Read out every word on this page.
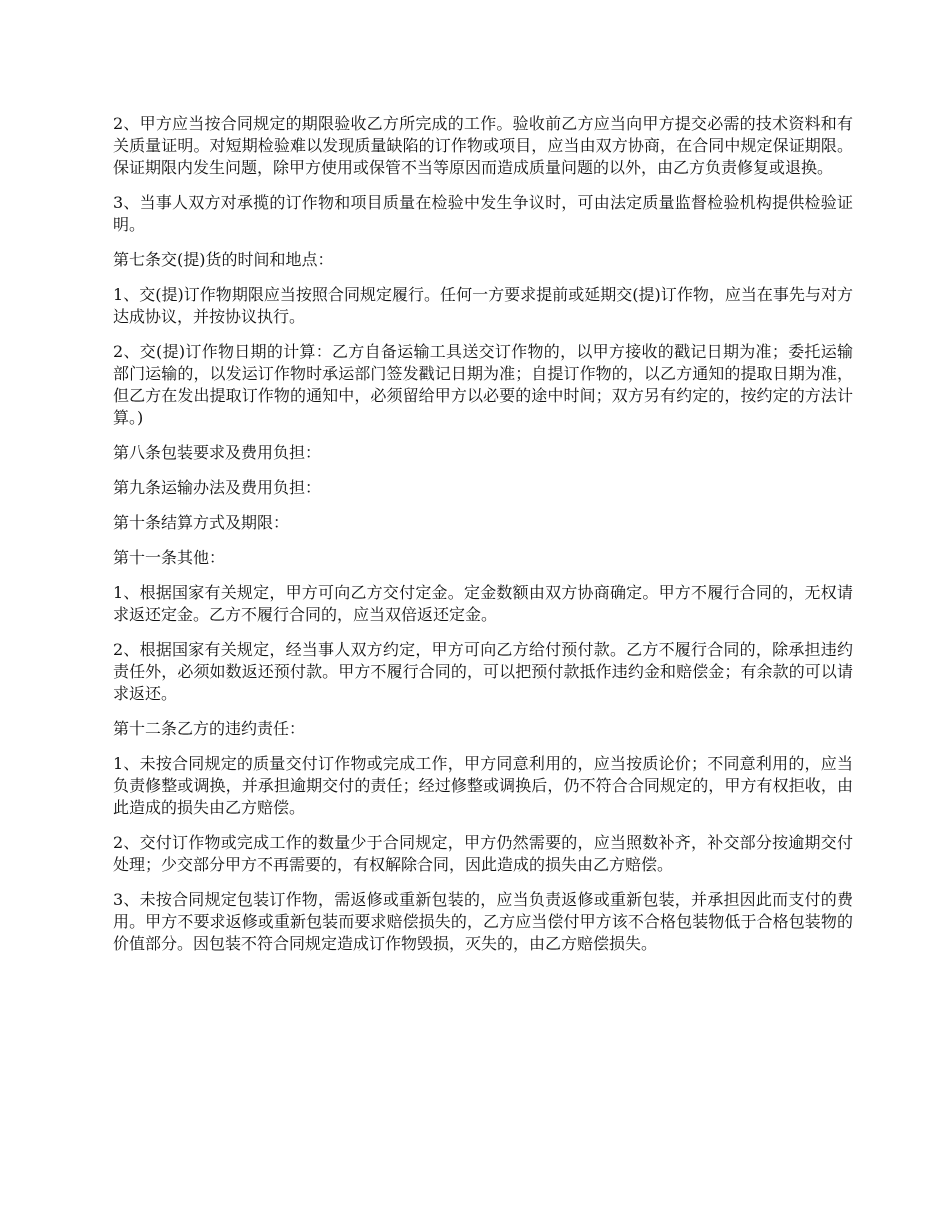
2、甲方应当按合同规定的期限验收乙方所完成的工作。验收前乙方应当向甲方提交必需的技术资料和有关质量证明。对短期检验难以发现质量缺陷的订作物或项目，应当由双方协商，在合同中规定保证期限。保证期限内发生问题，除甲方使用或保管不当等原因而造成质量问题的以外，由乙方负责修复或退换。

3、当事人双方对承揽的订作物和项目质量在检验中发生争议时，可由法定质量监督检验机构提供检验证明。

第七条交(提)货的时间和地点：

1、交(提)订作物期限应当按照合同规定履行。任何一方要求提前或延期交(提)订作物，应当在事先与对方达成协议，并按协议执行。

2、交(提)订作物日期的计算：乙方自备运输工具送交订作物的，以甲方接收的戳记日期为准；委托运输部门运输的，以发运订作物时承运部门签发戳记日期为准；自提订作物的，以乙方通知的提取日期为准，但乙方在发出提取订作物的通知中，必须留给甲方以必要的途中时间；双方另有约定的，按约定的方法计算。)

第八条包装要求及费用负担：

第九条运输办法及费用负担：

第十条结算方式及期限：

第十一条其他：

1、根据国家有关规定，甲方可向乙方交付定金。定金数额由双方协商确定。甲方不履行合同的，无权请求返还定金。乙方不履行合同的，应当双倍返还定金。

2、根据国家有关规定，经当事人双方约定，甲方可向乙方给付预付款。乙方不履行合同的，除承担违约责任外，必须如数返还预付款。甲方不履行合同的，可以把预付款抵作违约金和赔偿金；有余款的可以请求返还。

第十二条乙方的违约责任：

1、未按合同规定的质量交付订作物或完成工作，甲方同意利用的，应当按质论价；不同意利用的，应当负责修整或调换，并承担逾期交付的责任；经过修整或调换后，仍不符合合同规定的，甲方有权拒收，由此造成的损失由乙方赔偿。

2、交付订作物或完成工作的数量少于合同规定，甲方仍然需要的，应当照数补齐，补交部分按逾期交付处理；少交部分甲方不再需要的，有权解除合同，因此造成的损失由乙方赔偿。

3、未按合同规定包装订作物，需返修或重新包装的，应当负责返修或重新包装，并承担因此而支付的费用。甲方不要求返修或重新包装而要求赔偿损失的，乙方应当偿付甲方该不合格包装物低于合格包装物的价值部分。因包装不符合同规定造成订作物毁损，灭失的，由乙方赔偿损失。
